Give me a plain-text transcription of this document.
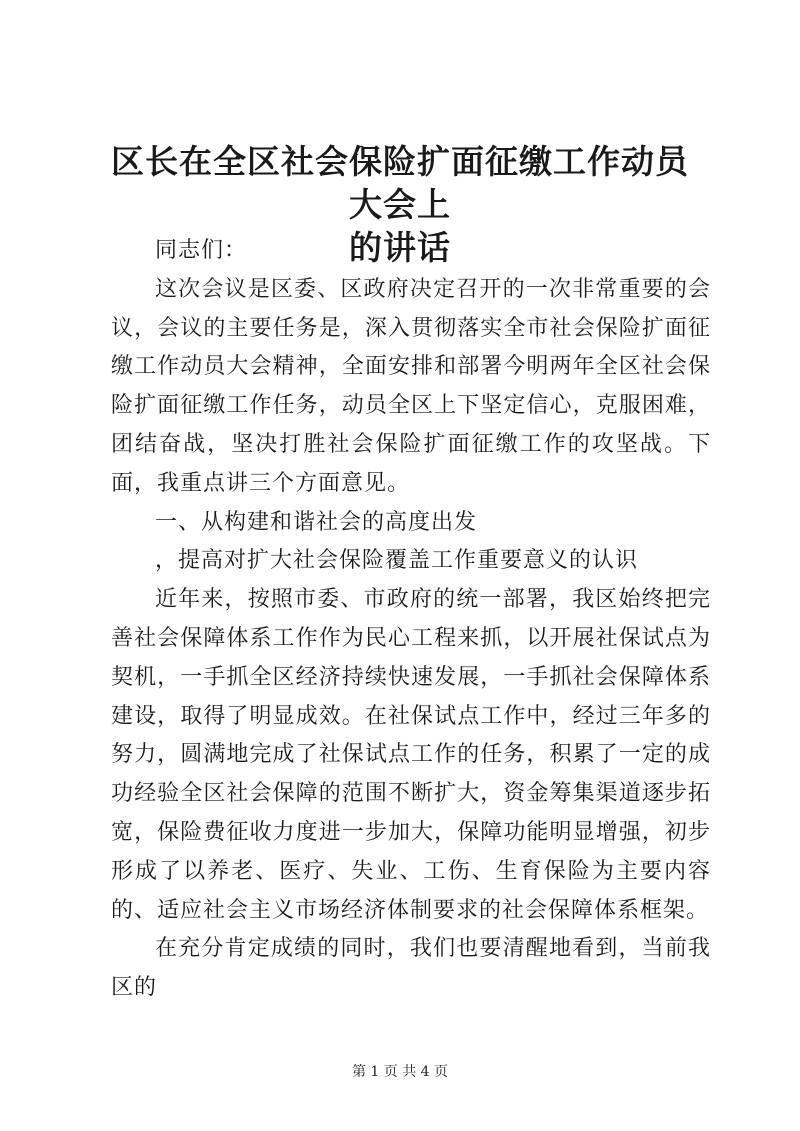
区长在全区社会保险扩面征缴工作动员大会上
的讲话

同志们：

这次会议是区委、区政府决定召开的一次非常重要的会议，会议的主要任务是，深入贯彻落实全市社会保险扩面征缴工作动员大会精神，全面安排和部署今明两年全区社会保险扩面征缴工作任务，动员全区上下坚定信心，克服困难，团结奋战，坚决打胜社会保险扩面征缴工作的攻坚战。下面，我重点讲三个方面意见。

一、从构建和谐社会的高度出发

，提高对扩大社会保险覆盖工作重要意义的认识

近年来，按照市委、市政府的统一部署，我区始终把完善社会保障体系工作作为民心工程来抓，以开展社保试点为契机，一手抓全区经济持续快速发展，一手抓社会保障体系建设，取得了明显成效。在社保试点工作中，经过三年多的努力，圆满地完成了社保试点工作的任务，积累了一定的成功经验全区社会保障的范围不断扩大，资金筹集渠道逐步拓宽，保险费征收力度进一步加大，保障功能明显增强，初步形成了以养老、医疗、失业、工伤、生育保险为主要内容的、适应社会主义市场经济体制要求的社会保障体系框架。

在充分肯定成绩的同时，我们也要清醒地看到，当前我区的

第 1 页 共 4 页
